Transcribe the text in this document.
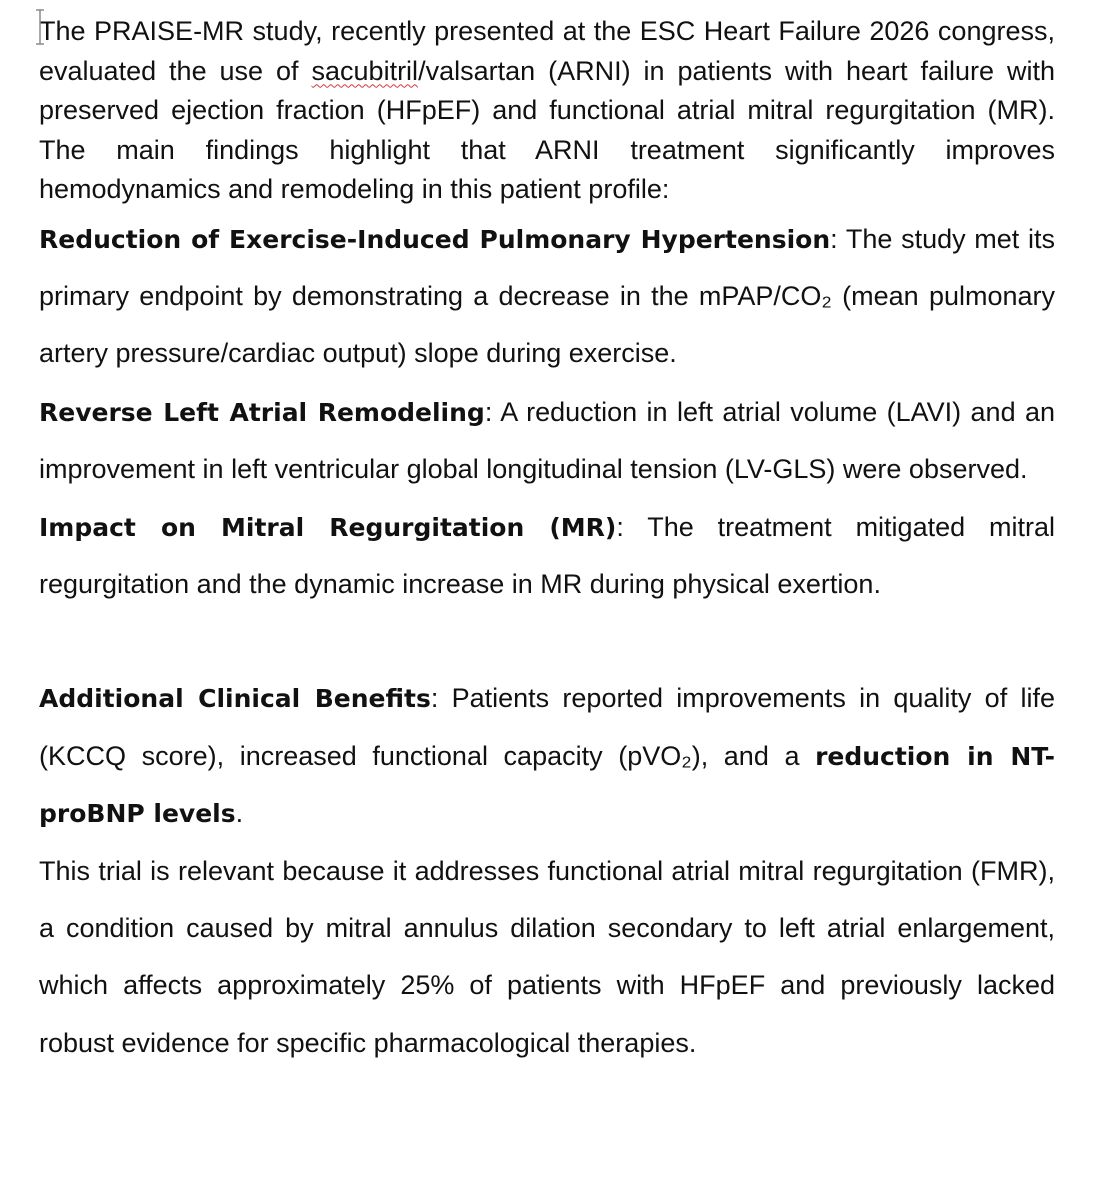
The PRAISE-MR study, recently presented at the ESC Heart Failure 2026 congress, evaluated the use of sacubitril/valsartan (ARNI) in patients with heart failure with preserved ejection fraction (HFpEF) and functional atrial mitral regurgitation (MR). The main findings highlight that ARNI treatment significantly improves hemodynamics and remodeling in this patient profile:

Reduction of Exercise-Induced Pulmonary Hypertension: The study met its primary endpoint by demonstrating a decrease in the mPAP/CO₂ (mean pulmonary artery pressure/cardiac output) slope during exercise.

Reverse Left Atrial Remodeling: A reduction in left atrial volume (LAVI) and an improvement in left ventricular global longitudinal tension (LV-GLS) were observed.

Impact on Mitral Regurgitation (MR): The treatment mitigated mitral regurgitation and the dynamic increase in MR during physical exertion.

Additional Clinical Benefits: Patients reported improvements in quality of life (KCCQ score), increased functional capacity (pVO₂), and a reduction in NT-proBNP levels.

This trial is relevant because it addresses functional atrial mitral regurgitation (FMR), a condition caused by mitral annulus dilation secondary to left atrial enlargement, which affects approximately 25% of patients with HFpEF and previously lacked robust evidence for specific pharmacological therapies.
